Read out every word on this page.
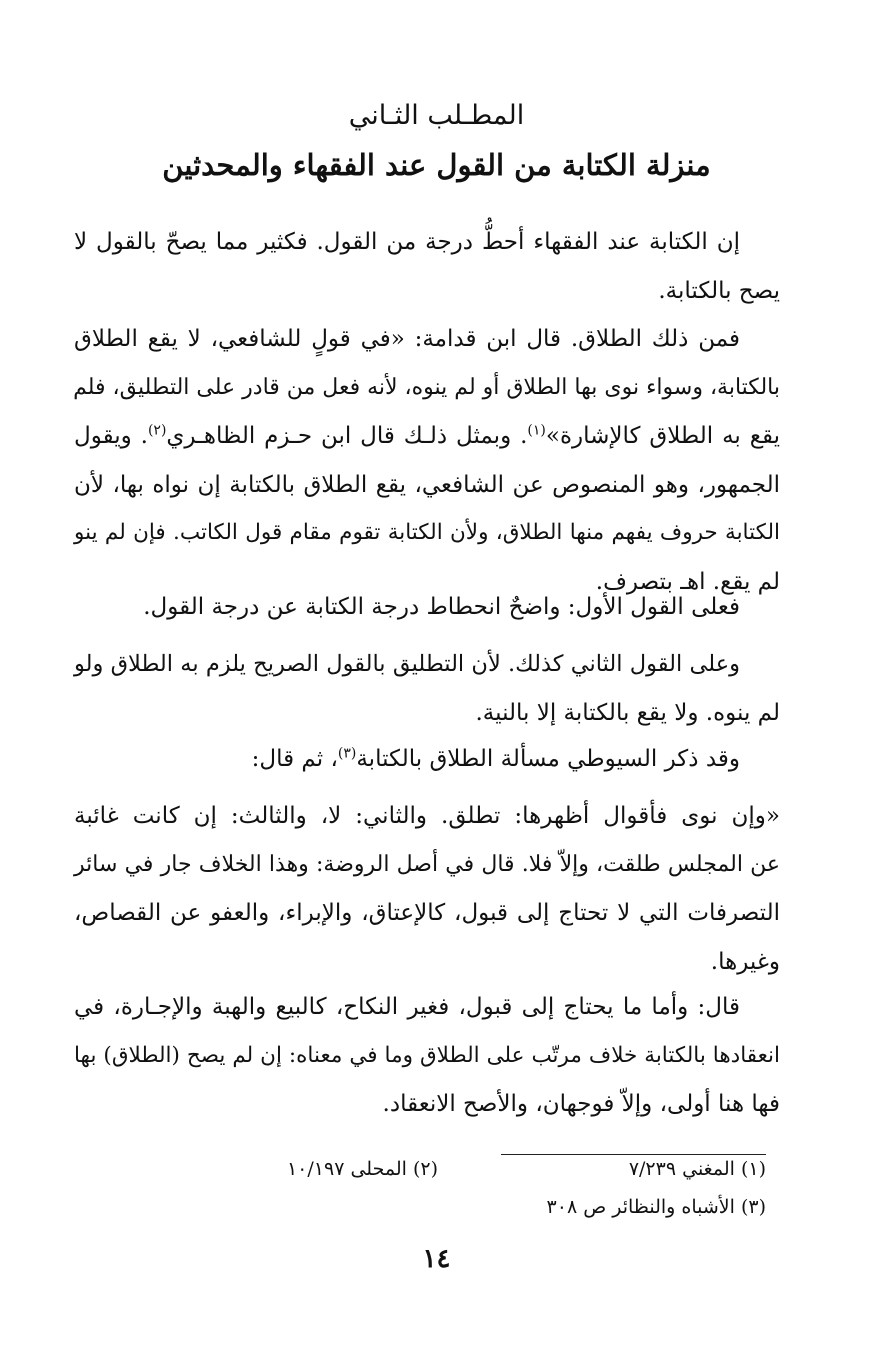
المطـلب الثـاني
منزلة الكتابة من القول عند الفقهاء والمحدثين
إن الكتابة عند الفقهاء أحطُّ درجة من القول. فكثير مما يصحّ بالقول لا
يصح بالكتابة.
فمن ذلك الطلاق. قال ابن قدامة: «في قولٍ للشافعي، لا يقع الطلاق
بالكتابة، وسواء نوى بها الطلاق أو لم ينوه، لأنه فعل من قادر على التطليق، فلم
يقع به الطلاق كالإشارة»$^{(١)}$. وبمثل ذلـك قال ابن حـزم الظاهـري$^{(٢)}$. ويقول
الجمهور، وهو المنصوص عن الشافعي، يقع الطلاق بالكتابة إن نواه بها، لأن
الكتابة حروف يفهم منها الطلاق، ولأن الكتابة تقوم مقام قول الكاتب. فإن لم ينو
لم يقع. اهـ بتصرف.
فعلى القول الأول: واضحٌ انحطاط درجة الكتابة عن درجة القول.
وعلى القول الثاني كذلك. لأن التطليق بالقول الصريح يلزم به الطلاق ولو
لم ينوه. ولا يقع بالكتابة إلا بالنية.
وقد ذكر السيوطي مسألة الطلاق بالكتابة$^{(٣)}$، ثم قال:
«وإن نوى فأقوال أظهرها: تطلق. والثاني: لا، والثالث: إن كانت غائبة
عن المجلس طلقت، وإلاّ فلا. قال في أصل الروضة: وهذا الخلاف جار في سائر
التصرفات التي لا تحتاج إلى قبول، كالإعتاق، والإبراء، والعفو عن القصاص،
وغيرها.
قال: وأما ما يحتاج إلى قبول، فغير النكاح، كالبيع والهبة والإجـارة، في
انعقادها بالكتابة خلاف مرتّب على الطلاق وما في معناه: إن لم يصح (الطلاق) بها
فها هنا أولى، وإلاّ فوجهان، والأصح الانعقاد.
(١) المغني ٧/٢٣٩
(٢) المحلى ١٠/١٩٧
(٣) الأشباه والنظائر ص ٣٠٨
١٤
